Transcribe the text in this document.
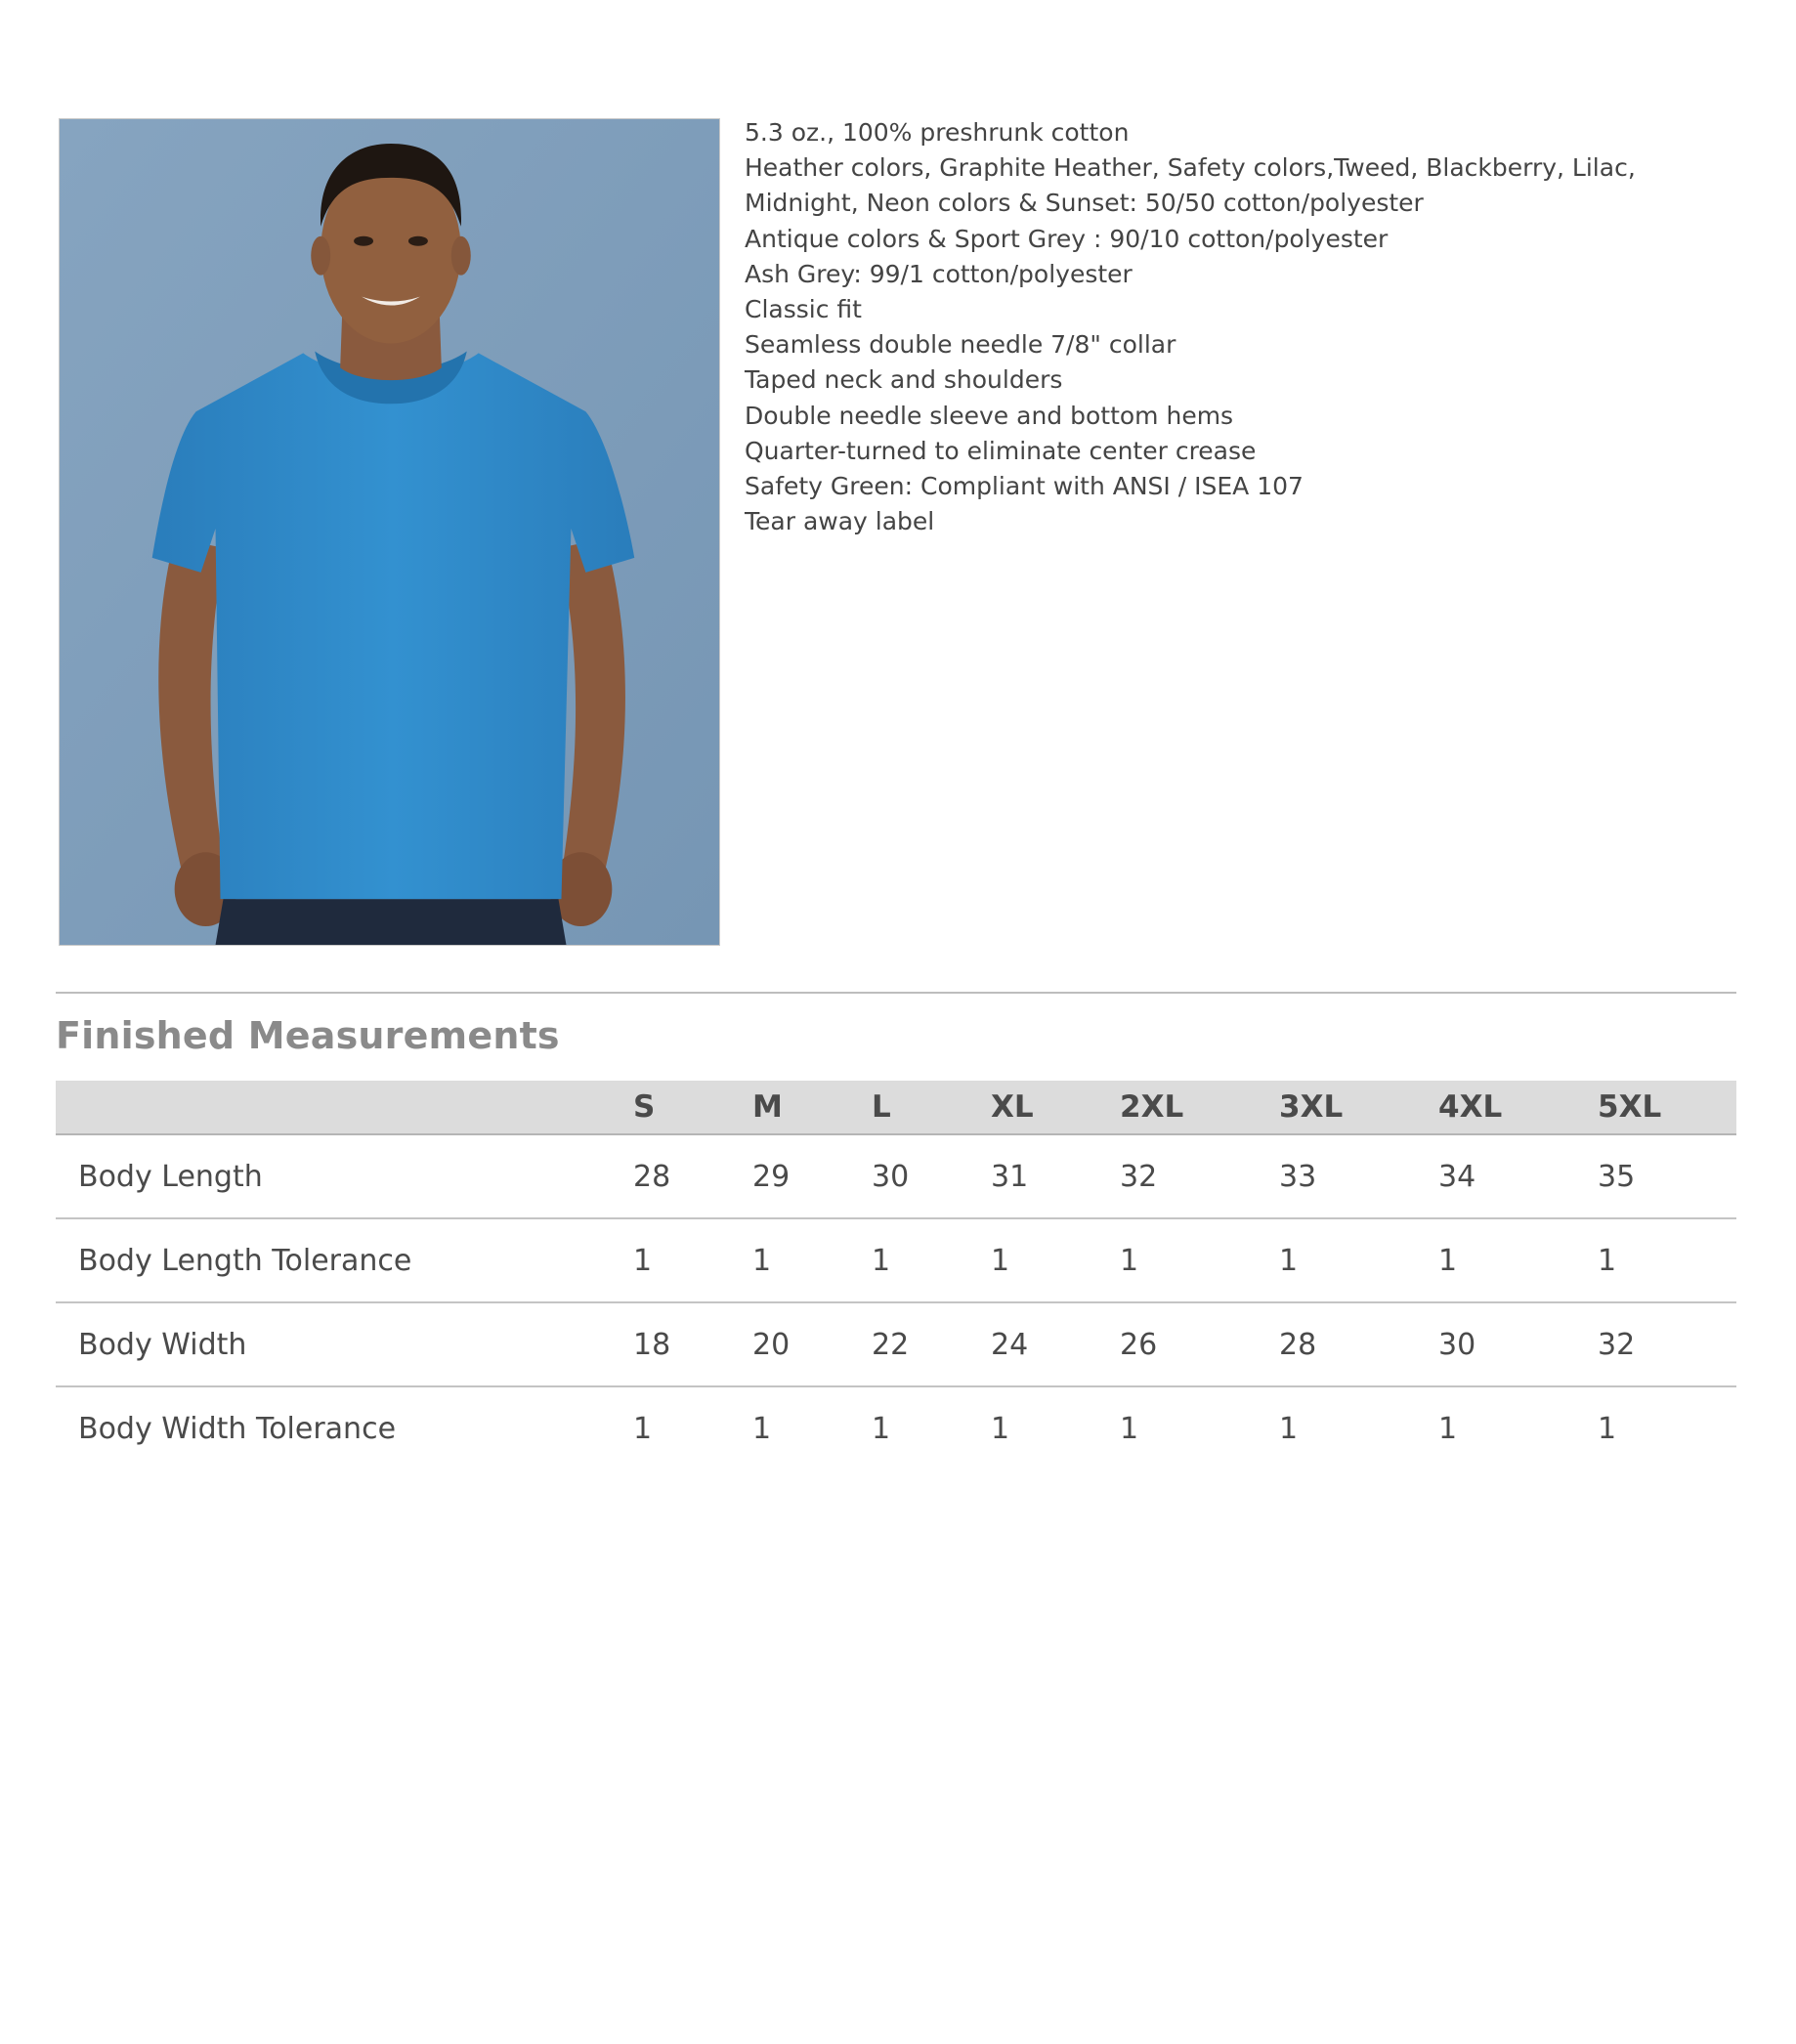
5.3 oz., 100% preshrunk cotton
Heather colors, Graphite Heather, Safety colors,Tweed, Blackberry, Lilac,
Midnight, Neon colors & Sunset: 50/50 cotton/polyester
Antique colors & Sport Grey : 90/10 cotton/polyester
Ash Grey: 99/1 cotton/polyester
Classic fit
Seamless double needle 7/8" collar
Taped neck and shoulders
Double needle sleeve and bottom hems
Quarter-turned to eliminate center crease
Safety Green: Compliant with ANSI / ISEA 107
Tear away label
Finished Measurements
	S	M	L	XL	2XL	3XL	4XL	5XL
Body Length	28	29	30	31	32	33	34	35
Body Length Tolerance	1	1	1	1	1	1	1	1
Body Width	18	20	22	24	26	28	30	32
Body Width Tolerance	1	1	1	1	1	1	1	1
